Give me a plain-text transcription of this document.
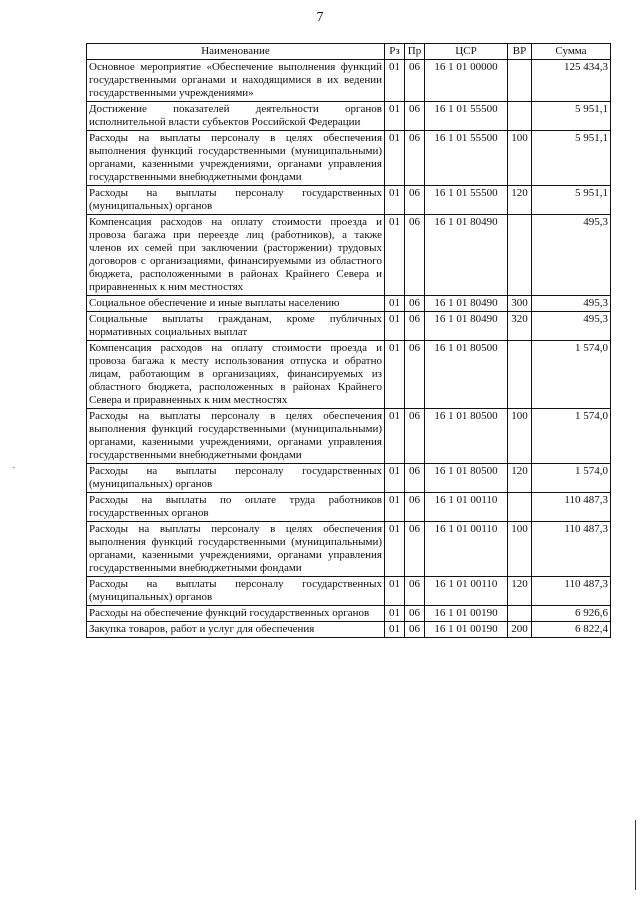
7
·
Наименование	Рз	Пр	ЦСР	ВР	Сумма
Основное мероприятие «Обеспечение выполнения функций государственными органами и находящимися в их ведении государственными учреждениями»	01	06	16 1 01 00000		125 434,3
Достижение показателей деятельности органов исполнительной власти субъектов Российской Федерации	01	06	16 1 01 55500		5 951,1
Расходы на выплаты персоналу в целях обеспечения выполнения функций государственными (муниципальными) органами, казенными учреждениями, органами управления государственными внебюджетными фондами	01	06	16 1 01 55500	100	5 951,1
Расходы на выплаты персоналу государственных (муниципальных) органов	01	06	16 1 01 55500	120	5 951,1
Компенсация расходов на оплату стоимости проезда и провоза багажа при переезде лиц (работников), а также членов их семей при заключении (расторжении) трудовых договоров с организациями, финансируемыми из областного бюджета, расположенными в районах Крайнего Севера и приравненных к ним местностях	01	06	16 1 01 80490		495,3
Социальное обеспечение и иные выплаты населению	01	06	16 1 01 80490	300	495,3
Социальные выплаты гражданам, кроме публичных нормативных социальных выплат	01	06	16 1 01 80490	320	495,3
Компенсация расходов на оплату стоимости проезда и провоза багажа к месту использования отпуска и обратно лицам, работающим в организациях, финансируемых из областного бюджета, расположенных в районах Крайнего Севера и приравненных к ним местностях	01	06	16 1 01 80500		1 574,0
Расходы на выплаты персоналу в целях обеспечения выполнения функций государственными (муниципальными) органами, казенными учреждениями, органами управления государственными внебюджетными фондами	01	06	16 1 01 80500	100	1 574,0
Расходы на выплаты персоналу государственных (муниципальных) органов	01	06	16 1 01 80500	120	1 574,0
Расходы на выплаты по оплате труда работников государственных органов	01	06	16 1 01 00110		110 487,3
Расходы на выплаты персоналу в целях обеспечения выполнения функций государственными (муниципальными) органами, казенными учреждениями, органами управления государственными внебюджетными фондами	01	06	16 1 01 00110	100	110 487,3
Расходы на выплаты персоналу государственных (муниципальных) органов	01	06	16 1 01 00110	120	110 487,3
Расходы на обеспечение функций государственных органов	01	06	16 1 01 00190		6 926,6
Закупка товаров, работ и услуг для обеспечения	01	06	16 1 01 00190	200	6 822,4
